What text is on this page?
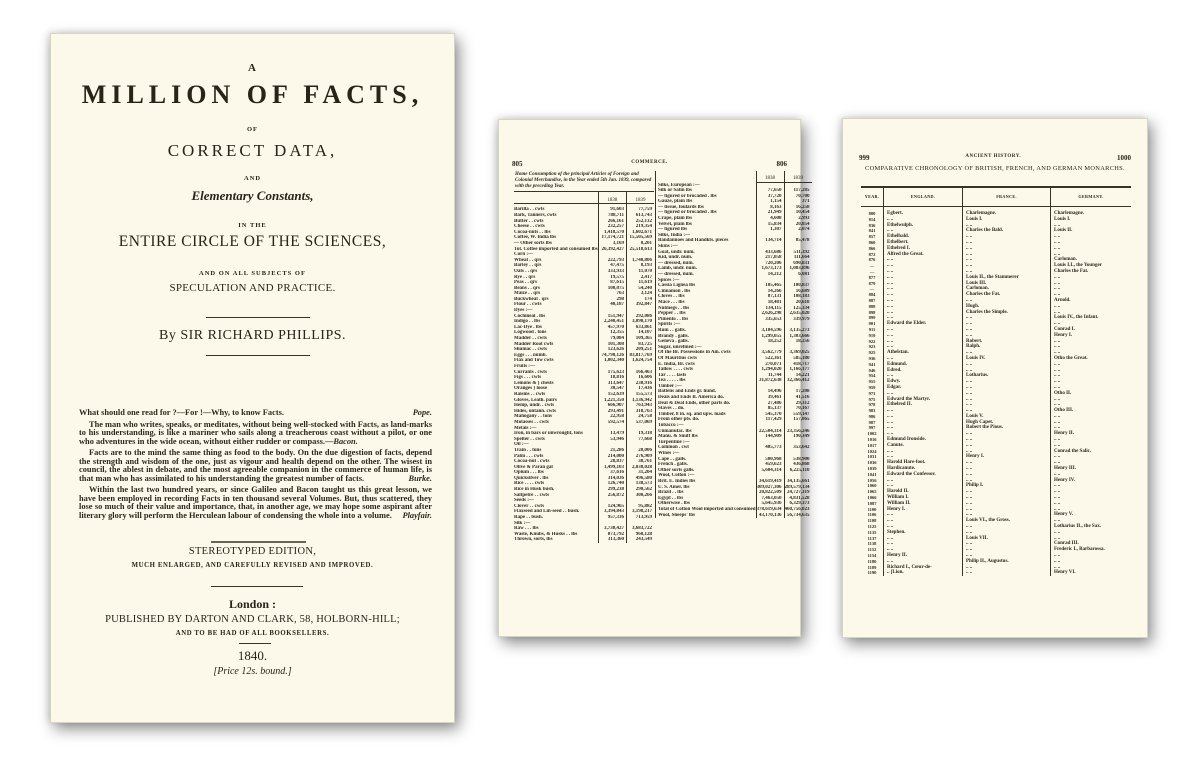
A
MILLION OF FACTS,
OF
CORRECT DATA,
AND
Elementary Constants,
IN THE
ENTIRE CIRCLE OF THE SCIENCES,
AND ON ALL SUBJECTS OF
SPECULATION AND PRACTICE.
By SIR RICHARD PHILLIPS.

What should one read for ?—For !—Why, to know Facts.	Pope.

The man who writes, speaks, or meditates, without being well-stocked with Facts, as land-marks to his understanding, is like a mariner who sails along a treacherous coast without a pilot, or one who adventures in the wide ocean, without either rudder or compass.—Bacon.

Facts are to the mind the same thing as food to the body. On the due digestion of facts, depend the strength and wisdom of the one, just as vigour and health depend on the other. The wisest in council, the ablest in debate, and the most agreeable companion in the commerce of human life, is that man who has assimilated to his understanding the greatest number of facts.	Burke.

Within the last two hundred years, or since Galileo and Bacon taught us this great lesson, we have been employed in recording Facts in ten thousand several Volumes. But, thus scattered, they lose so much of their value and importance, that, in another age, we may hope some aspirant after literary glory will perform the Herculean labour of condensing the whole into a volume.	Playfair.

STEREOTYPED EDITION,
MUCH ENLARGED, AND CAREFULLY REVISED AND IMPROVED.
London :
PUBLISHED BY DARTON AND CLARK, 58, HOLBORN-HILL;
AND TO BE HAD OF ALL BOOKSELLERS.
1840.
[Price 12s. bound.]
805	COMMERCE.	806
Home Consumption of the principal Articles of Foreign and Colonial Merchandise, in the Year ended 5th Jan. 1839, compared with the preceding Year.
	1838	1839

Barilla . . cwts	91,603	77,759
Bark, Tanners, cwts	788,711	613,743
Butter . . cwts	266,161	252,132
Cheese . . cwts	232,257	219,354
Cocoa-nuts . . lbs	1,418,570	1,602,671
Coffee, W. India lbs	17,174,721	15,505,569
— Other sorts lbs	3,169	8,201
Tot. Coffee imported and consumed lbs	26,392,427	25,518,613
Corn :—		
Wheat . . qrs	222,793	1,740,806
Barley . . qrs	47,475	8,193
Oats . . qrs	333,933	11,070
Rye . . qrs	19,575	2,417
Peas . . qrs	87,615	11,619
Beans . . qrs	100,075	54,240
Maize . . qrs	763	3,124
Buckwheat . qrs	298	174
Flour . . cwts	40,187	392,847
Dyes :—		
Cochineal . lbs	151,947	292,086
Indigo . . lbs	2,240,451	3,090,170
Lac-Dye . lbs	457,970	633,861
Logwood . tons	12,355	14,107
Madder . . cwts	79,084	109,365
Madder Root cwts	101,308	83,725
Shumac . . cwts	123,626	209,251
Eggs . . . numb.	74,790,126	83,817,769
Flax and Tow cwts	1,002,340	1,624,754
Fruits :—		
Currants . cwts	175,623	166,463
Figs . . . cwts	18,816	16,606
Lemons & } chests	313,647	230,916
Oranges } loose	30,547	17,436
Raisins . . cwts	152,639	155,573
Gloves, Leath. pairs	1,221,350	1,136,942
Hemp, undr. . cwts	666,907	763,943
Hides, untann. cwts	293,491	318,763
Mahogany . . tons	22,958	24,758
Molasses . . cwts	592,574	537,069
Metals :—		
Iron, in bars or unwrought, tons	13,479	19,318
Spelter . . cwts	53,946	77,668
Oil :—		
Train . . tuns	21,286	28,006
Palm . . . cwts	214,000	276,909
Cocoa-nut . cwts	28,837	38,761
Olive & Paran gal	1,499,103	2,038,028
Opium . . . lbs	37,616	31,204
Quicksilver . lbs	314,036	496,580
Rice . . . . cwts	126,740	138,573
Rice in Husk bush.	299,238	290,562
Saltpetre . . cwts	256,872	300,266
Seeds :—		
Clover . . cwts	124,965	95,882
Flaxseed and Lin-seed . . bush.	3,394,843	3,198,217
Rape . . bush.	957,336	713,959
Silk :—		
Raw . . . lbs	3,730,427	3,683,722
Waste, Knubs, & Husks . . lbs	873,792	960,128
Thrown, sorts, lbs	313,360	243,549
	1838	1839
Silks, European :—		
Silk or Satin lbs	77,650	117,285
— figured or brocaded . lbs	37,720	70,700
Gauze, plain lbs	1,154	371
— tissue, foulards lbs	8,163	16,258
— figured or brocaded . lbs	21,949	10,454
Crape, plain lbs	4,608	2,993
Velvet, plain lbs	15,834	20,854
— figured lbs	1,307	2,074
Silks, India :—		
Bandannoes and Handkfs. pieces	134,714	85,478
Skins :—		
Goat, undr. num.	433,686	511,392
Kid, undr. num.	217,058	111,664
— dressed, num.	720,206	690,831
Lamb, undr. num.	1,673,173	1,083,896
— dressed, num.	14,212	6,081
Spices :—		
Cassia Lignea lbs	105,465	100,837
Cinnamon . lbs	14,266	16,689
Cloves . . lbs	87,131	108,183
Mace . . . lbs	18,481	20,618
Nutmegs . . lbs	134,115	125,334
Pepper . . lbs	2,626,298	2,635,020
Pimento . . lbs	335,653	339,979
Spirits :—		
Rum . . galls.	3,184,596	3,135,273
Brandy . galls.	1,299,055	1,303,666
Geneva . galls.	18,252	18,256
Sugar, unrefined :—		
Of the Br. Possessions in Am. cwts	3,562,779	3,369,025
Of Mauritius cwts	522,361	585,180
E. India, Br. cwts	270,071	418,717
Tallow . . . . cwts	1,294,020	1,166,177
Tar . . . . lasts	11,744	14,221
Tea . . . . . lbs	31,872,638	32,366,412
Timber :—		
Battens and Ends gr. hund.	14,496	17,208
Deals and Ends B. America do.	39,461	41,516
Deal & Deal Ends, other parts do.	27,486	29,312
Staves . . do.	85,137	70,167
Timber, 8 in. sq. and upw. loads	545,370	559,147
From other pts. do.	117,429	157,065
Tobacco :—		
Unmanufac. lbs	22,504,314	23,356,246
Manu. & Snuff lbs	144,909	190,349
Turpentine :—		
Common . cwt	405,773	353,642
Wines :—		
Cape . . galls.	500,968	538,900
French . galls.	459,623	436,868
Other sorts galls.	5,604,314	6,225,110
Wool, Cotton :—		
Brit. E. Indies lbs	34,619,419	34,135,661
U. S. Amer. lbs	309,027,306	289,579,134
Brazil . . lbs	20,822,509	24,727,319
Egypt . . lbs	7,463,050	4,831,528
Otherwise . lbs	5,645,936	6,329,373
Total of Cotton Wool imported and consumed	378,619,634	460,756,023
Wool, Sheeps' lbs	43,170,136	56,734,635
999	ANCIENT HISTORY.	1000
COMPARATIVE CHRONOLOGY OF BRITISH, FRENCH, AND GERMAN MONARCHS.
YEAR.	ENGLAND.	FRANCE.	GERMANY.
800	Egbert.	Charlemagne.	Charlemagne.
814	.. ..	Louis I.	Louis I.
836	Ethelwulph.	.. ..	.. ..
841	.. ..	Charles the Bald.	Louis II.
857	Ethelbald.	.. ..	.. ..
860	Ethelbert.	.. ..	.. ..
866	Ethelred I.	.. ..	.. ..
872	Alfred the Great.	.. ..	.. ..
876	.. ..	.. ..	Carloman.
—	.. ..	.. ..	Louis I.I., the Younger
—	.. ..	.. ..	Charles the Fat.
877	.. ..	Louis II., the Stammerer	.. ..
879	.. ..	Louis III.	.. ..
—	.. ..	Carloman.	.. ..
884	.. ..	Charles the Fat.	.. ..
887	.. ..	.. ..	Arnold.
888	.. ..	Hugh.	.. ..
898	.. ..	Charles the Simple.	.. ..
899	.. ..	.. ..	Louis IV., the Infant.
901	Edward the Elder.	.. ..	.. ..
911	.. ..	.. ..	Conrad I.
919	.. ..	.. ..	Henry I.
922	.. ..	Robert.	.. ..
923	.. ..	Ralph.	.. ..
925	Athelstan.	.. ..	.. ..
936	.. ..	Louis IV.	Otho the Great.
941	Edmund.	.. ..	.. ..
946	Edred.	.. ..	.. ..
954	.. ..	Lotharius.	.. ..
955	Edwy.	.. ..	.. ..
959	Edgar.	.. ..	.. ..
973	.. ..	.. ..	Otho II.
975	Edward the Martyr.	.. ..	.. ..
978	Ethelred II.	.. ..	.. ..
983	.. ..	.. ..	Otho III.
986	.. ..	Louis V.	.. ..
987	.. ..	Hugh Capet.	.. ..
997	.. ..	Robert the Pious.	.. ..
1002	.. ..	.. ..	Henry II.
1016	Edmund Ironside.	.. ..	.. ..
1017	Canute.	.. ..	.. ..
1024	.. ..	.. ..	Conrad the Salic.
1031	.. ..	Henry I.	.. ..
1036	Harold Hare-foot.	.. ..	.. ..
1039	Hardicanute.	.. ..	Henry III.
1041	Edward the Confessor.	.. ..	.. ..
1056	.. ..	.. ..	Henry IV.
1060	.. ..	Philip I.	.. ..
1065	Harold II.	.. ..	.. ..
1066	William I.	.. ..	.. ..
1087	William II.	.. ..	.. ..
1100	Henry I.	.. ..	.. ..
1106	.. ..	.. ..	Henry V.
1108	.. ..	Louis VI., the Gross.	.. ..
1125	.. ..	.. ..	Lotharius II., the Sax.
1135	Stephen.	.. ..	.. ..
1137	.. ..	Louis VII.	.. ..
1138	.. ..	.. ..	Conrad III.
1152	.. ..	.. ..	Frederic I., Barbarossa.
1154	Henry II.	.. ..	.. ..
1180	.. ..	Philip II., Augustus.	.. ..
1189	Richard I., Cœur-de-	.. ..	.. ..
1190	.. [Lion.	.. ..	Henry VI.
